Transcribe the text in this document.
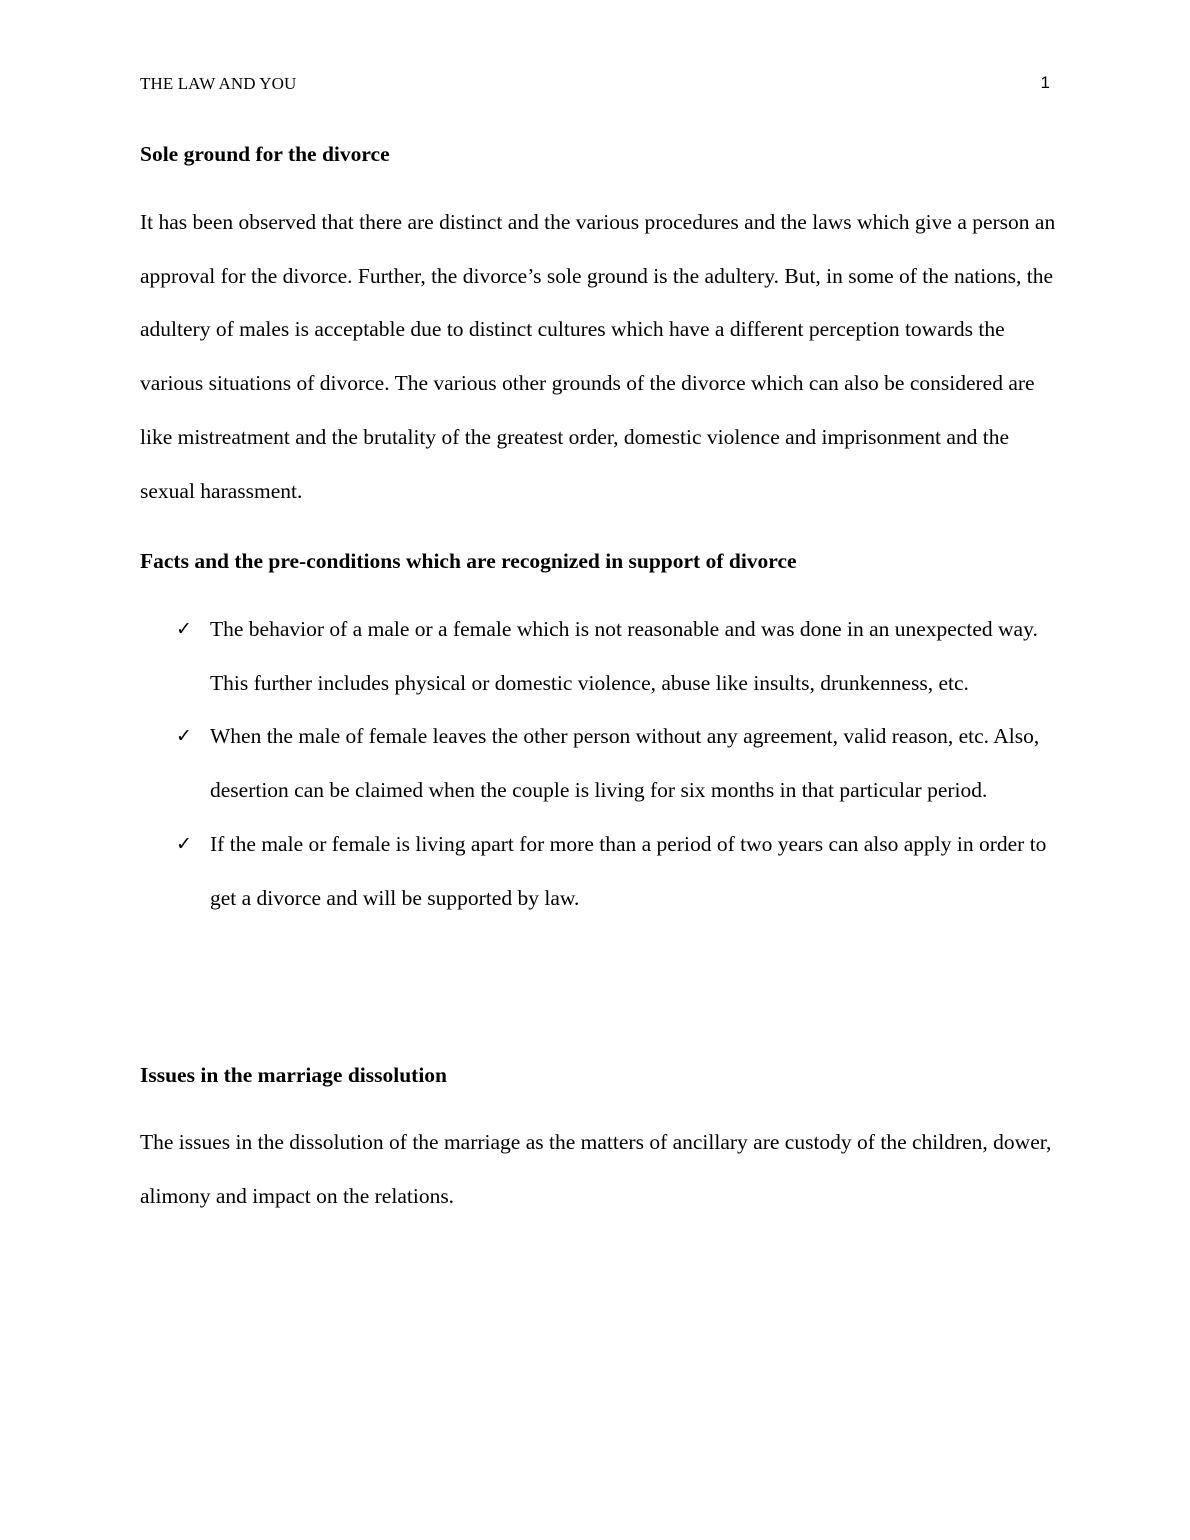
THE LAW AND YOU	1
Sole ground for the divorce

It has been observed that there are distinct and the various procedures and the laws which give a person an approval for the divorce. Further, the divorce’s sole ground is the adultery. But, in some of the nations, the adultery of males is acceptable due to distinct cultures which have a different perception towards the various situations of divorce. The various other grounds of the divorce which can also be considered are like mistreatment and the brutality of the greatest order, domestic violence and imprisonment and the sexual harassment.

Facts and the pre-conditions which are recognized in support of divorce
✓ The behavior of a male or a female which is not reasonable and was done in an unexpected way. This further includes physical or domestic violence, abuse like insults, drunkenness, etc.
✓ When the male of female leaves the other person without any agreement, valid reason, etc. Also, desertion can be claimed when the couple is living for six months in that particular period.
✓ If the male or female is living apart for more than a period of two years can also apply in order to get a divorce and will be supported by law.
Issues in the marriage dissolution

The issues in the dissolution of the marriage as the matters of ancillary are custody of the children, dower, alimony and impact on the relations.
